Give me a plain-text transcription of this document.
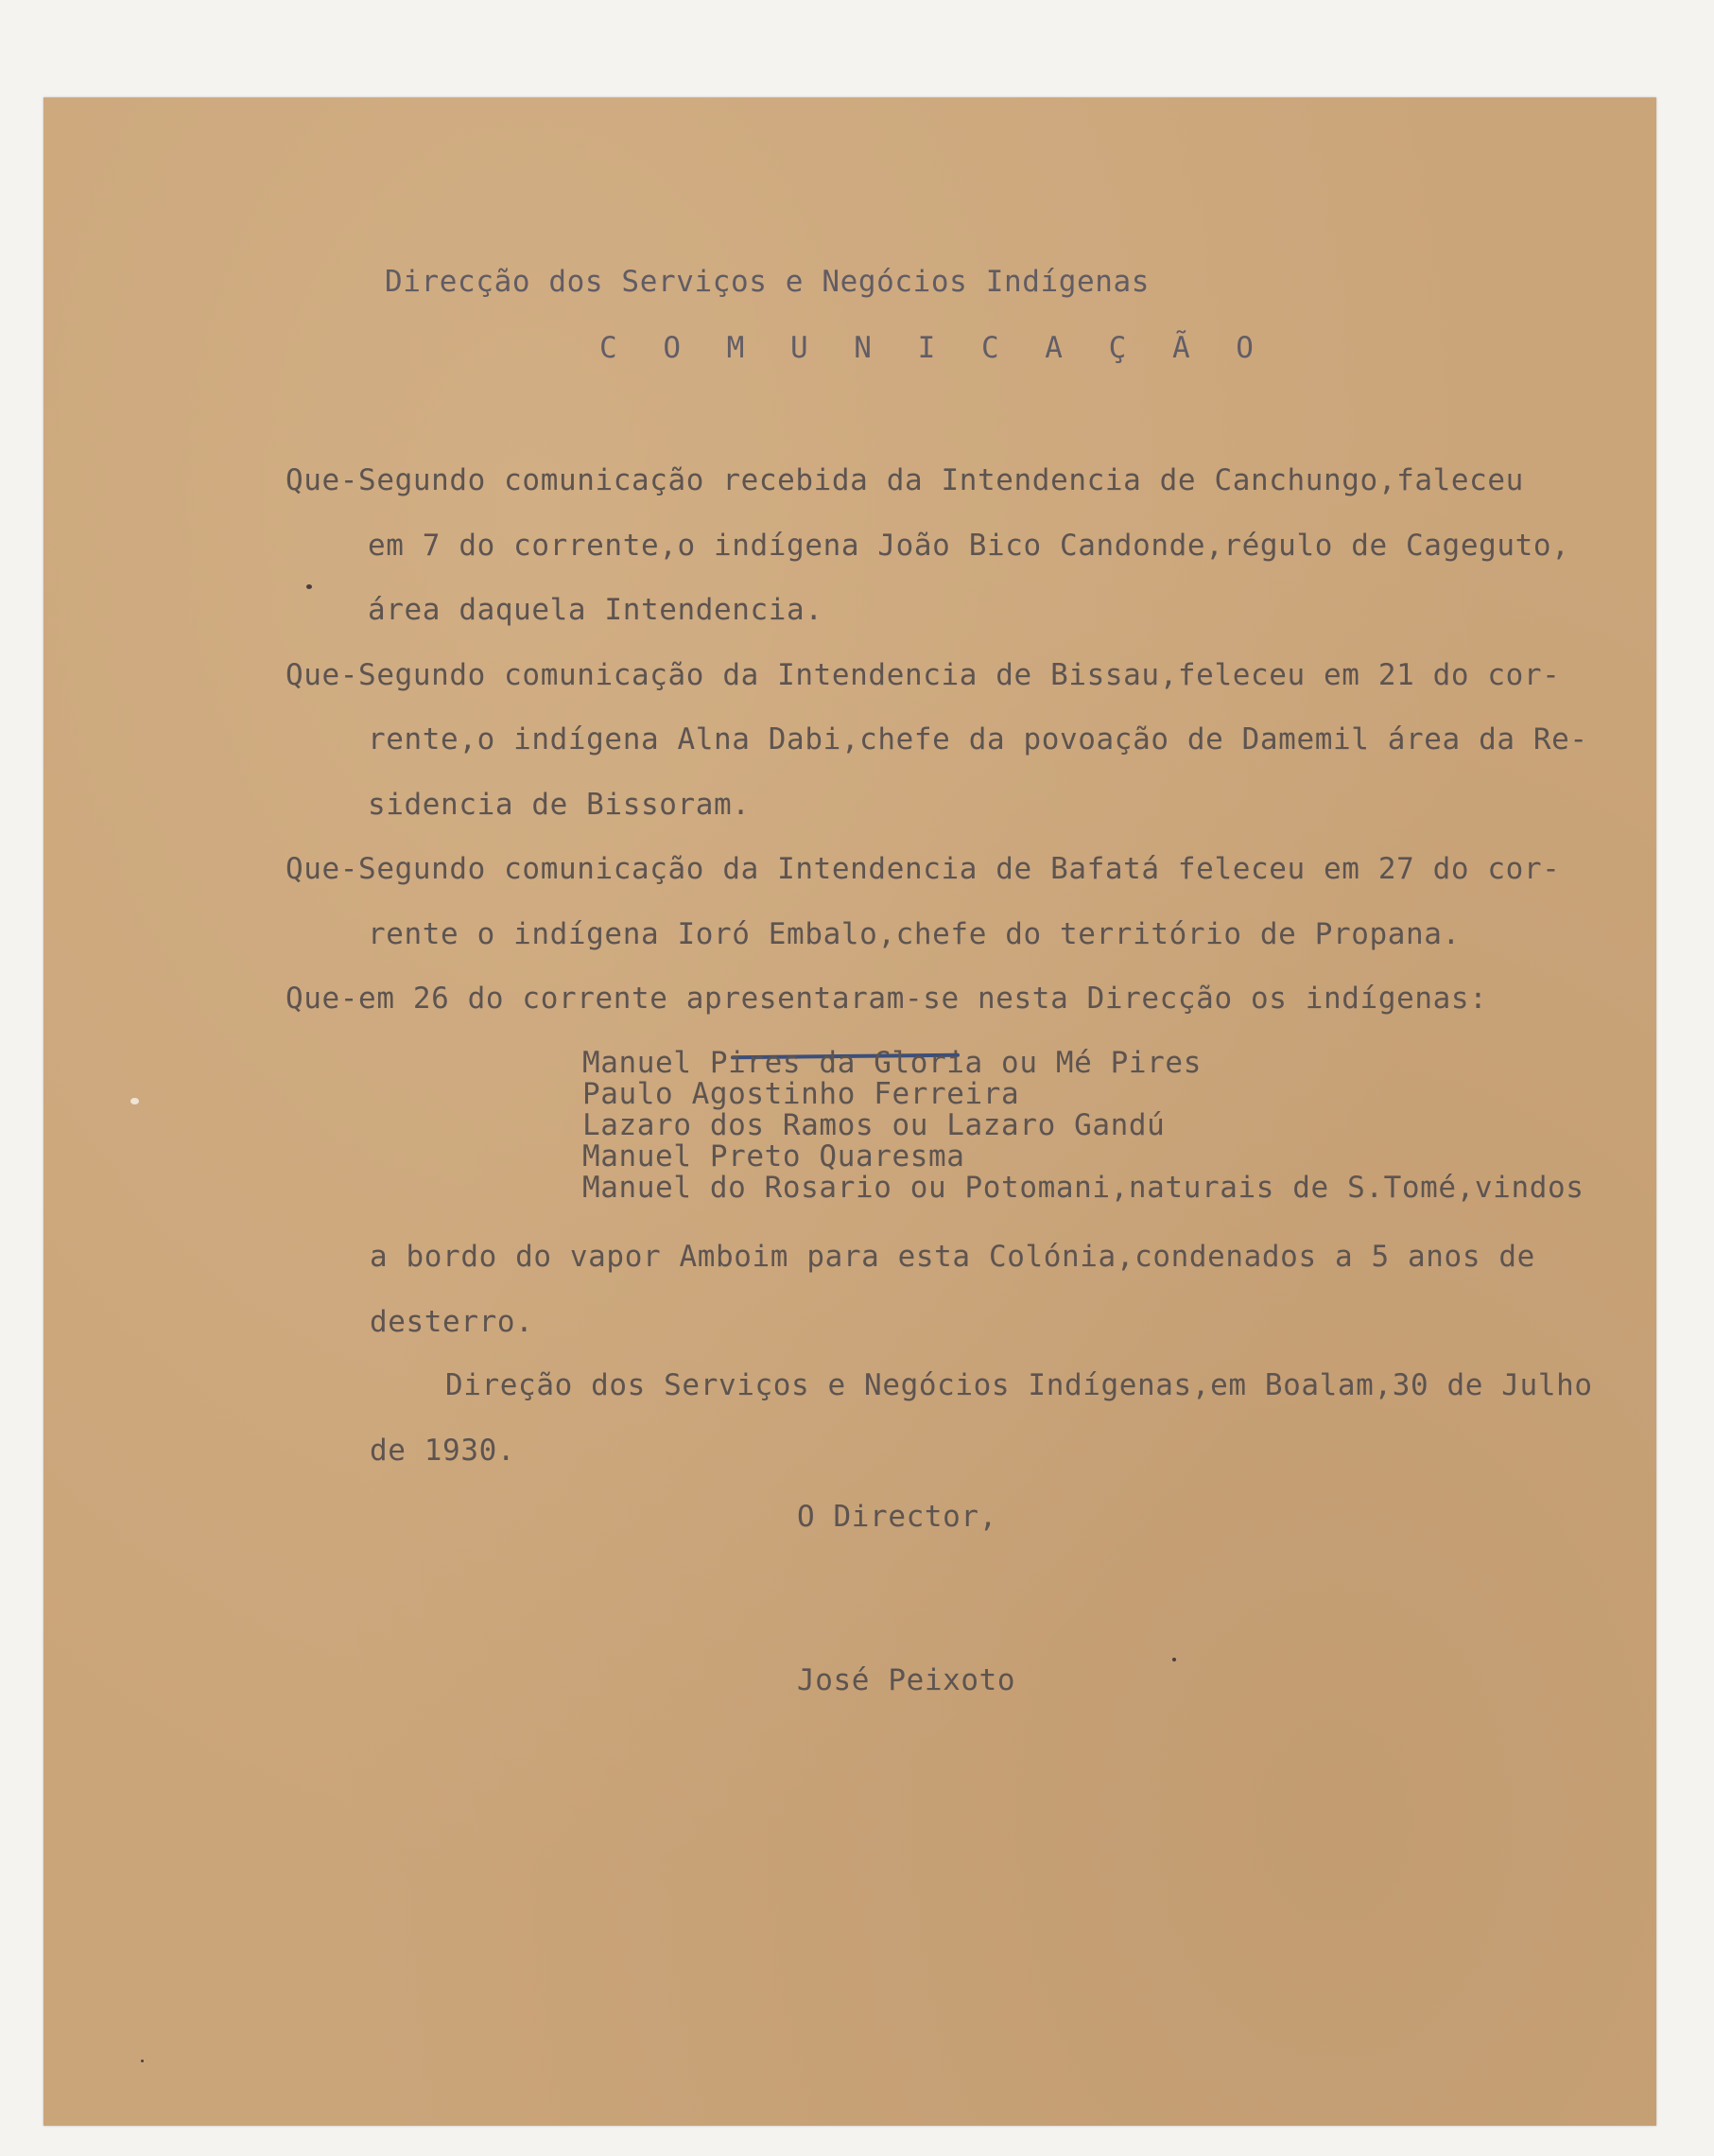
Direcção dos Serviços e Negócios Indígenas
C O M U N I C A Ç Ã O
Que-Segundo comunicação recebida da Intendencia de Canchungo,faleceu
em 7 do corrente,o indígena João Bico Candonde,régulo de Cageguto,
área daquela Intendencia.
Que-Segundo comunicação da Intendencia de Bissau,feleceu em 21 do cor-
rente,o indígena Alna Dabi,chefe da povoação de Damemil área da Re-
sidencia de Bissoram.
Que-Segundo comunicação da Intendencia de Bafatá feleceu em 27 do cor-
rente o indígena Ioró Embalo,chefe do território de Propana.
Que-em 26 do corrente apresentaram-se nesta Direcção os indígenas:
Manuel Pires da Gloria ou Mé Pires
Paulo Agostinho Ferreira
Lazaro dos Ramos ou Lazaro Gandú
Manuel Preto Quaresma
Manuel do Rosario ou Potomani,naturais de S.Tomé,vindos
a bordo do vapor Amboim para esta Colónia,condenados a 5 anos de
desterro.
Direção dos Serviços e Negócios Indígenas,em Boalam,30 de Julho
de 1930.
O Director,
José Peixoto
